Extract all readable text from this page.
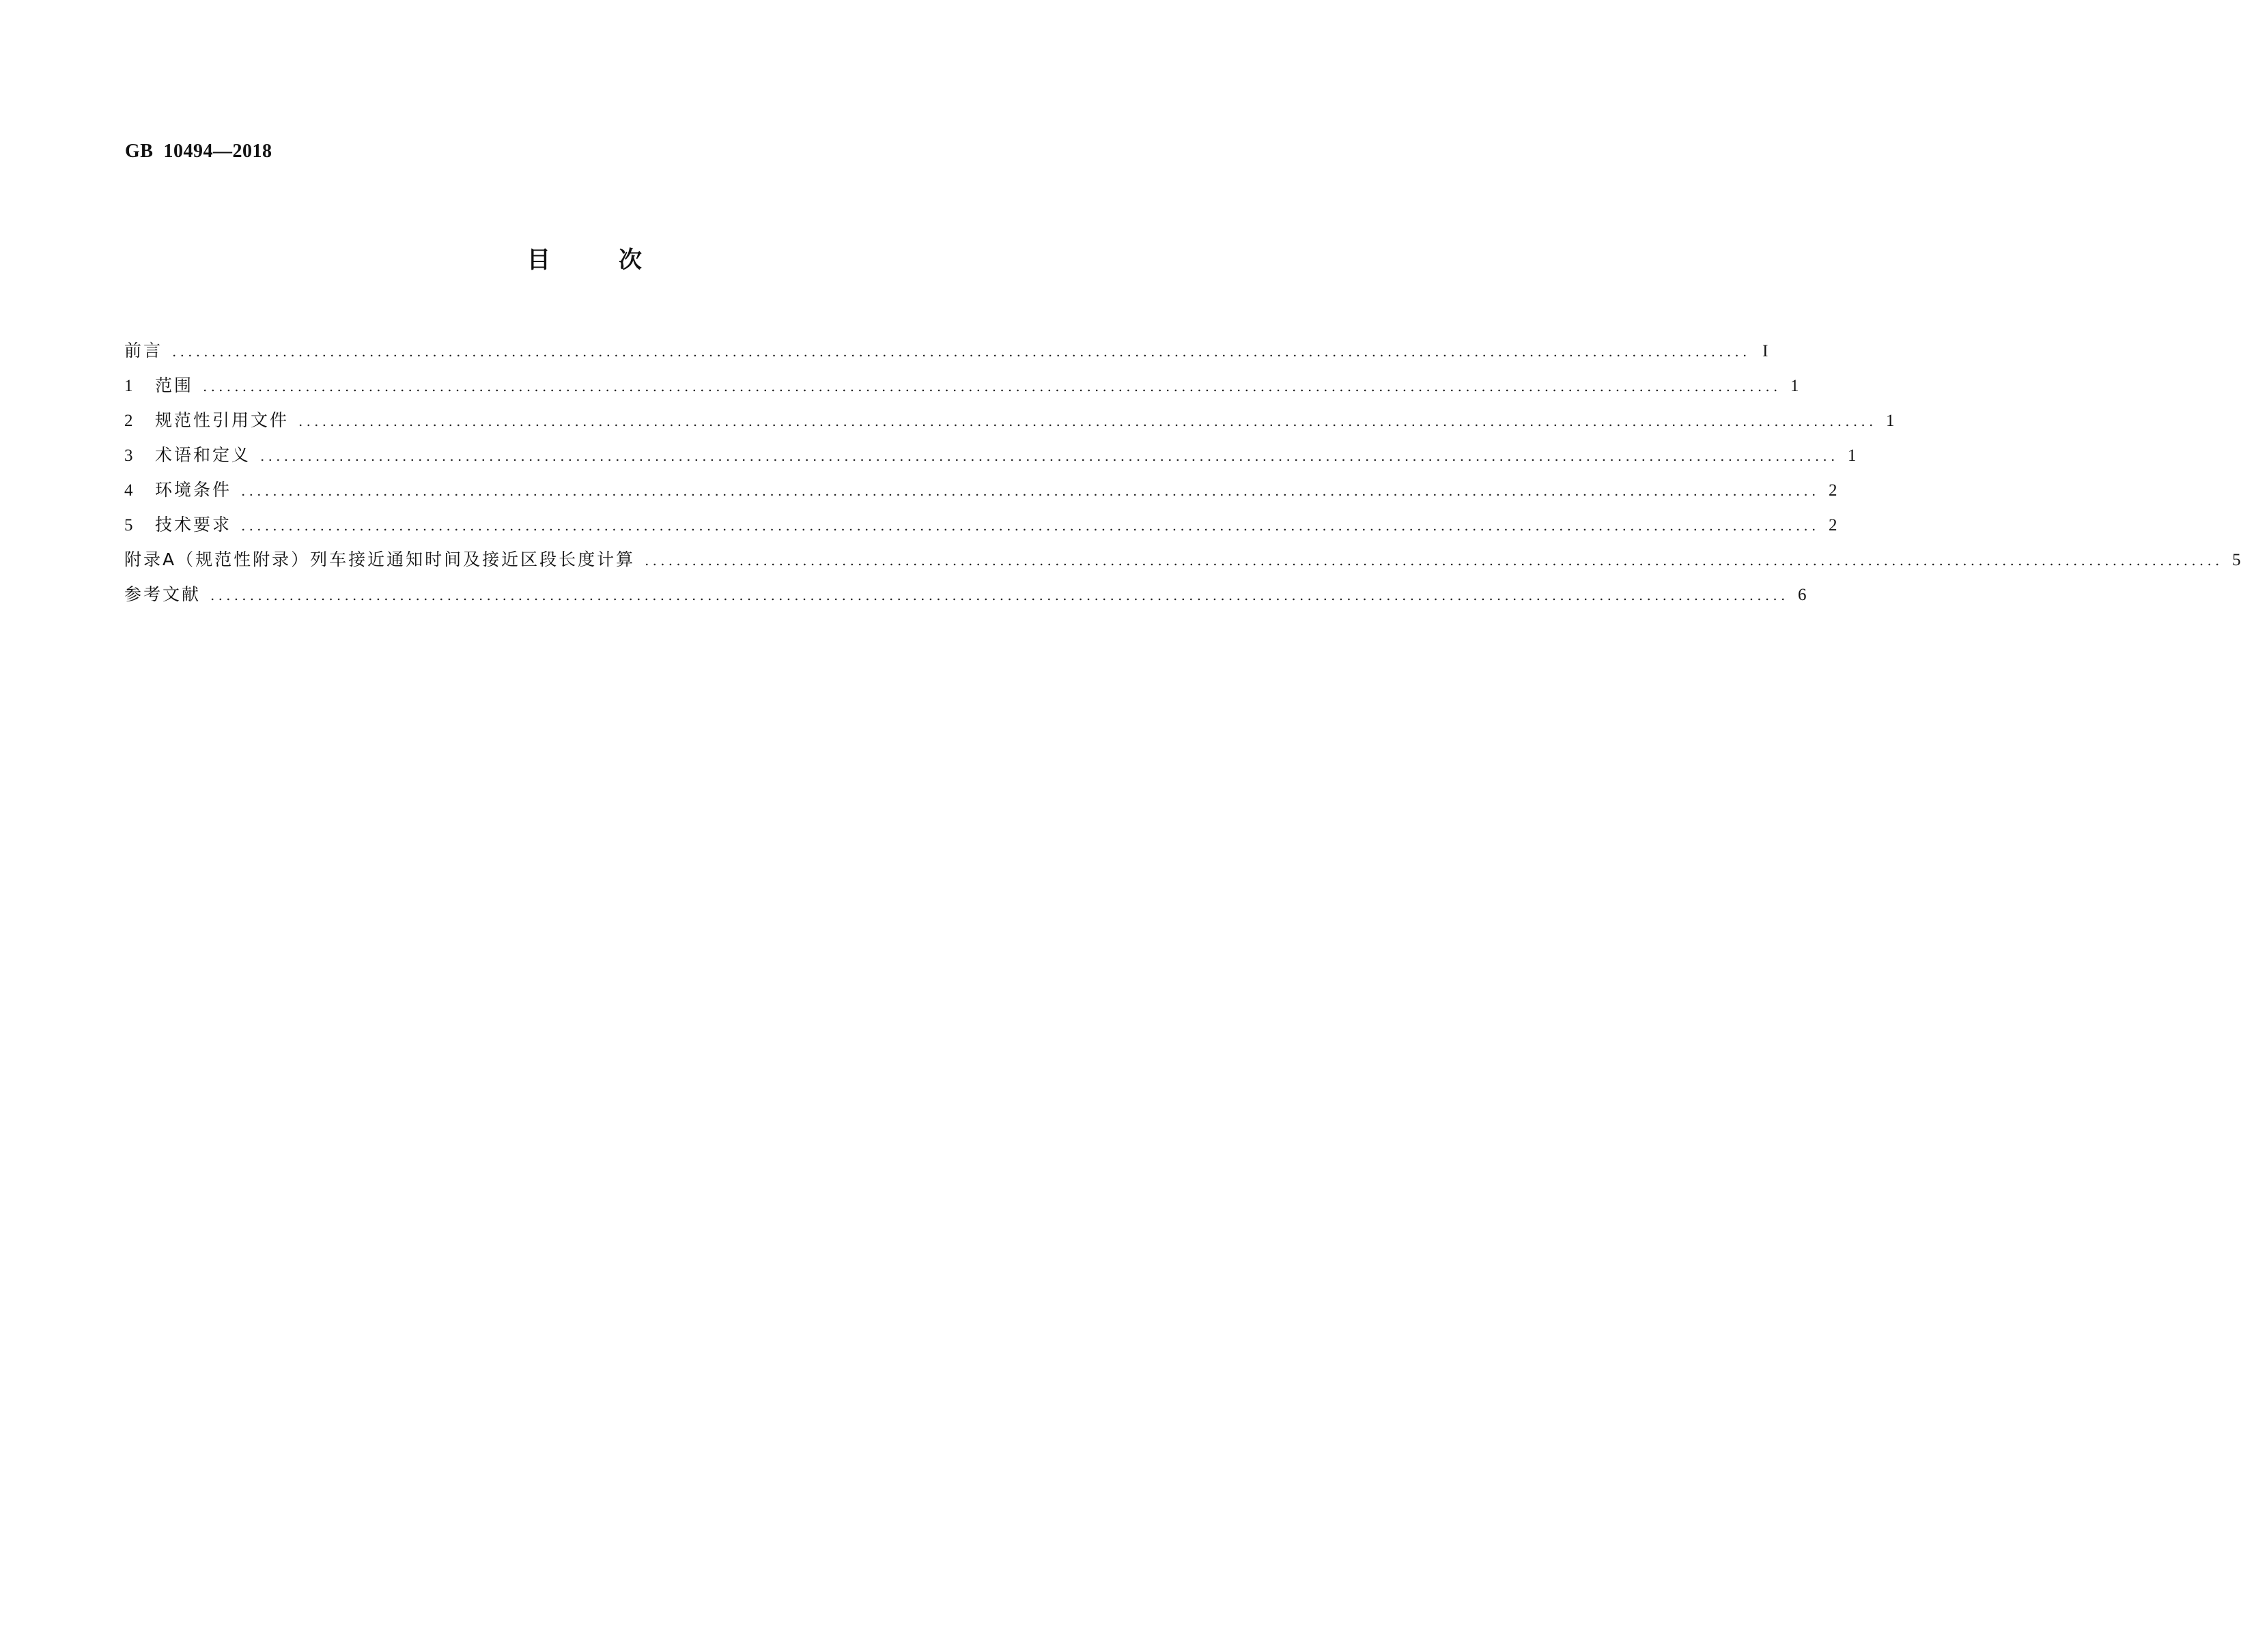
GB  10494—2018
目	次
前言 ........................................................................................................................................................................................................ I
1	范围 ........................................................................................................................................................................................................ 1
2	规范性引用文件 ........................................................................................................................................................................................................ 1
3	术语和定义 ........................................................................................................................................................................................................ 1
4	环境条件 ........................................................................................................................................................................................................ 2
5	技术要求 ........................................................................................................................................................................................................ 2
附录A（规范性附录）列车接近通知时间及接近区段长度计算 ........................................................................................................................................................................................................ 5
参考文献 ........................................................................................................................................................................................................ 6
